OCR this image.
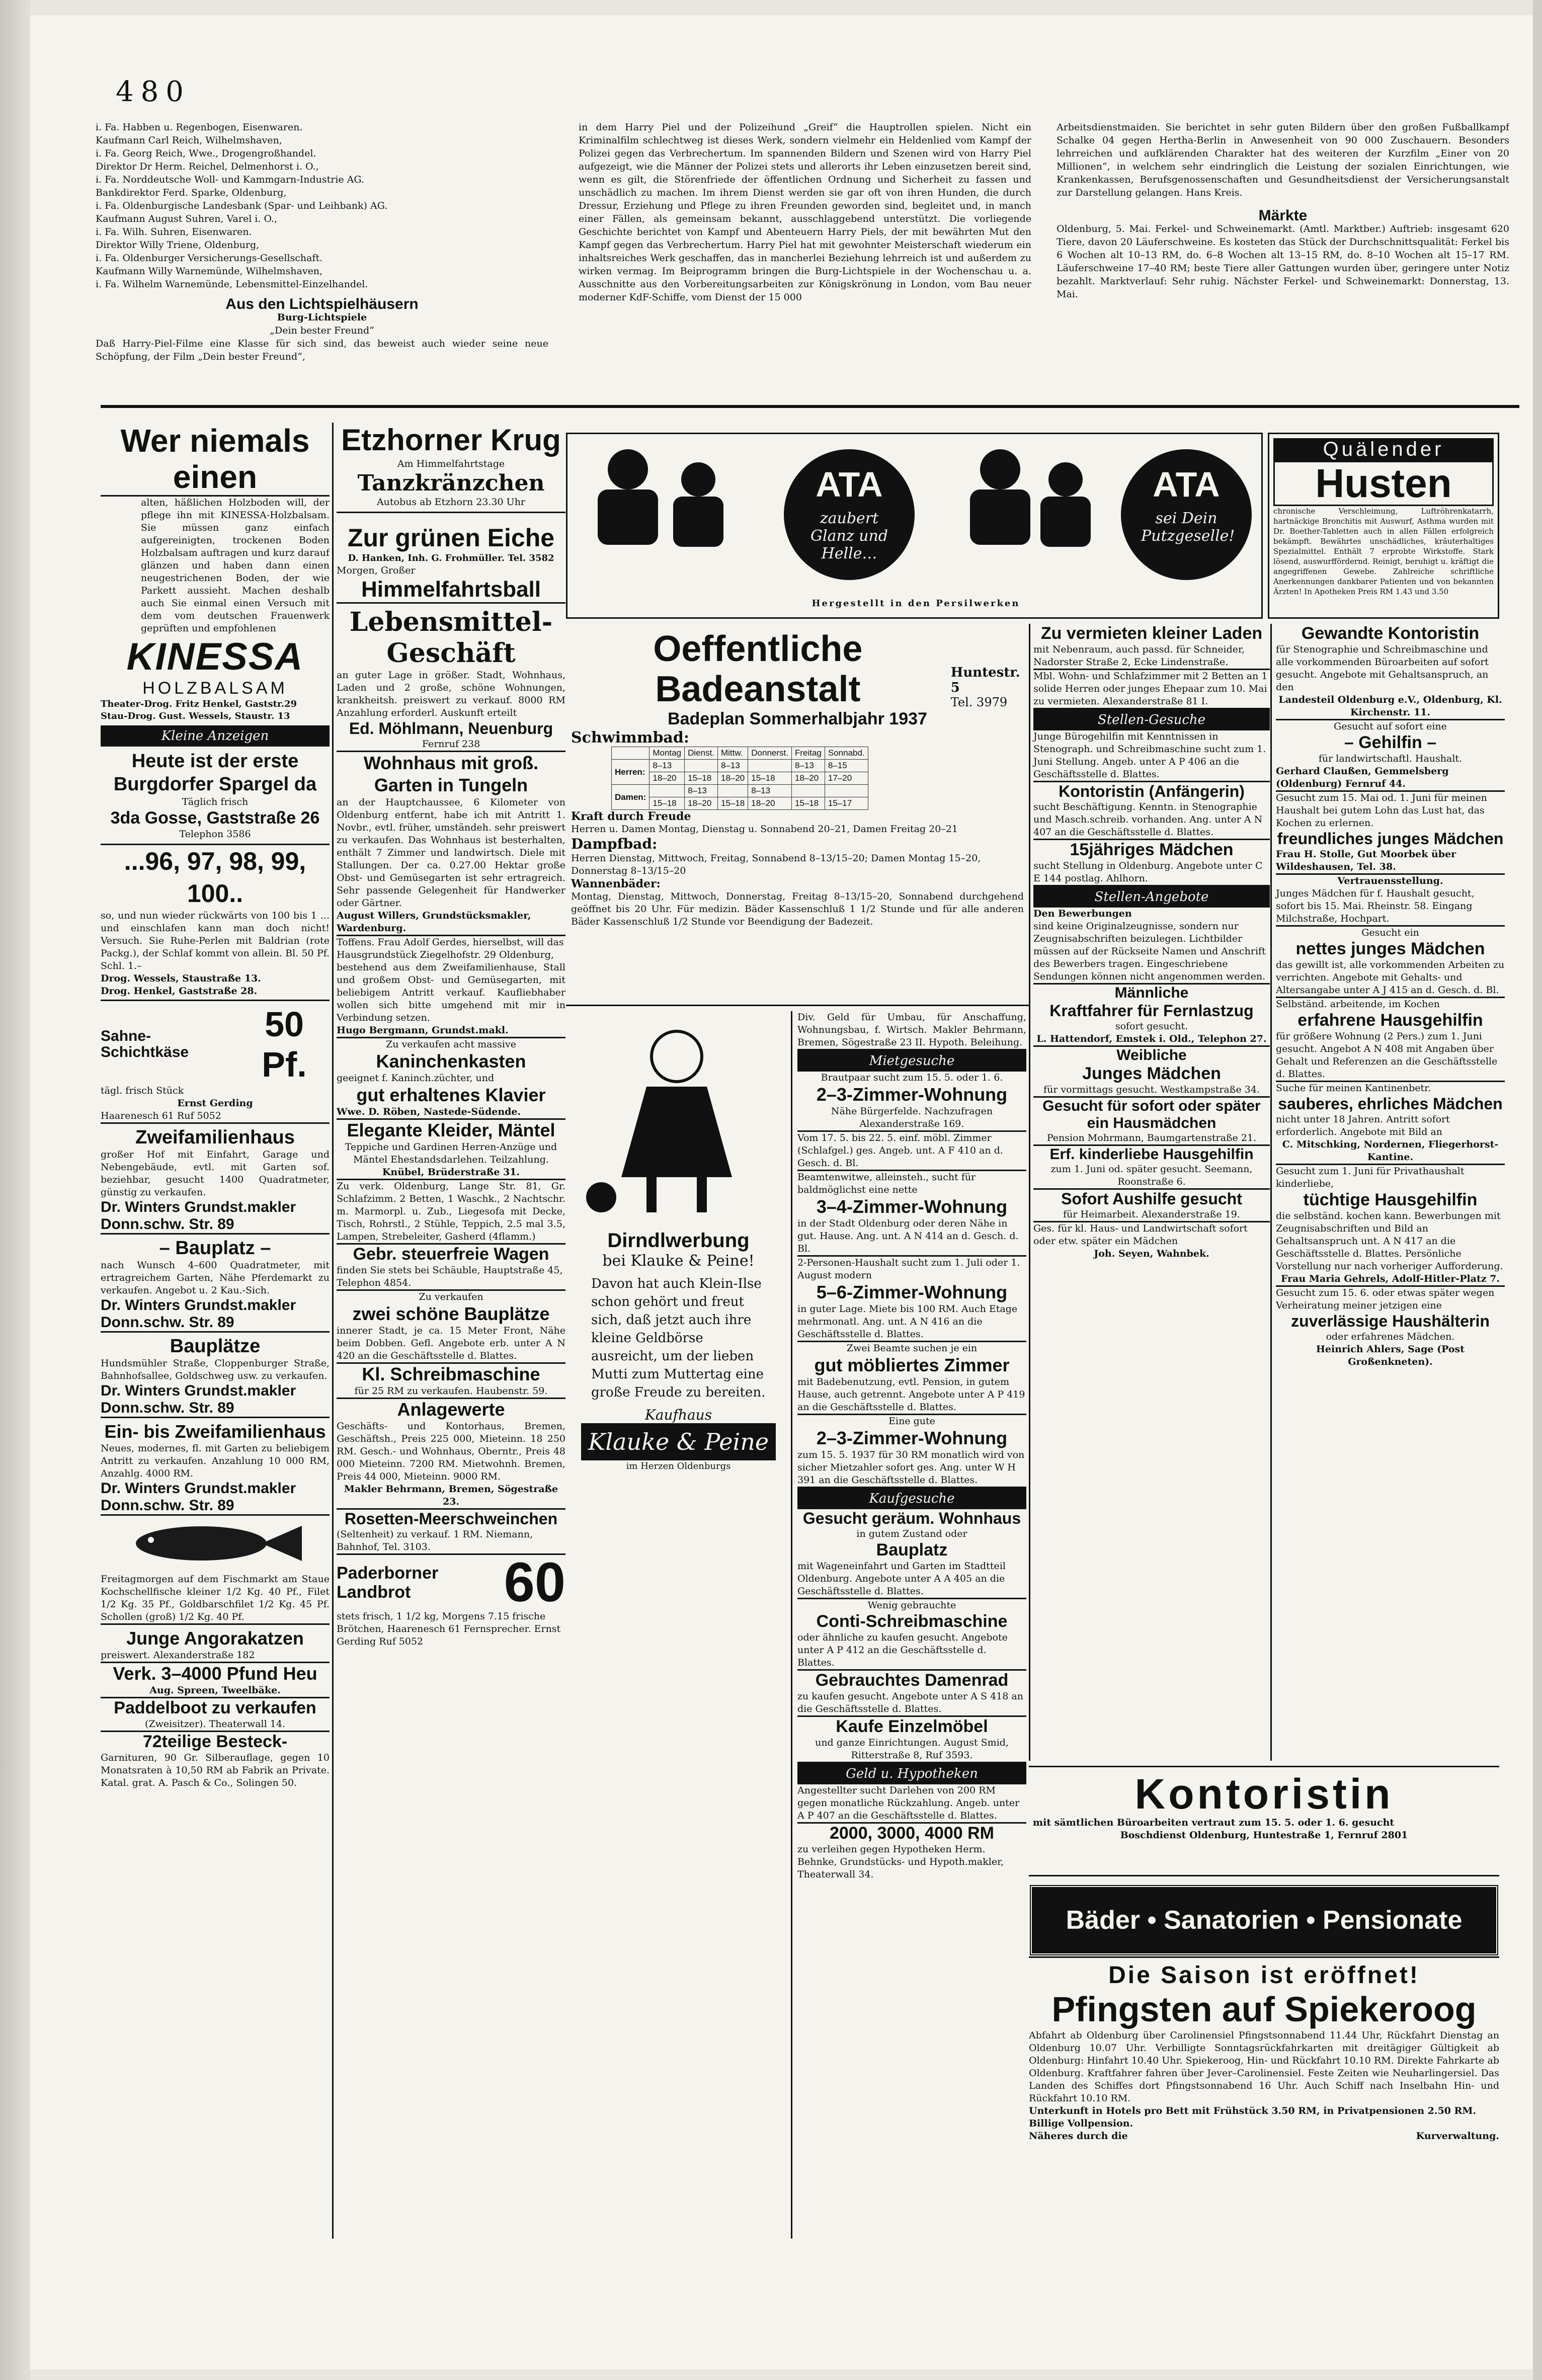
480

i. Fa. Habben u. Regenbogen, Eisenwaren.

Kaufmann Carl Reich, Wilhelmshaven,

i. Fa. Georg Reich, Wwe., Drogengroßhandel.

Direktor Dr Herm. Reichel, Delmenhorst i. O.,

i. Fa. Norddeutsche Woll- und Kammgarn-Industrie AG.

Bankdirektor Ferd. Sparke, Oldenburg,

i. Fa. Oldenburgische Landesbank (Spar- und Leihbank) AG.

Kaufmann August Suhren, Varel i. O.,

i. Fa. Wilh. Suhren, Eisenwaren.

Direktor Willy Triene, Oldenburg,

i. Fa. Oldenburger Versicherungs-Gesellschaft.

Kaufmann Willy Warnemünde, Wilhelmshaven,

i. Fa. Wilhelm Warnemünde, Lebensmittel-Einzelhandel.

Aus den Lichtspielhäusern

Burg-Lichtspiele

„Dein bester Freund“

Daß Harry-Piel-Filme eine Klasse für sich sind, das beweist auch wieder seine neue Schöpfung, der Film „Dein bester Freund“,

in dem Harry Piel und der Polizeihund „Greif“ die Hauptrollen spielen. Nicht ein Kriminalfilm schlechtweg ist dieses Werk, sondern vielmehr ein Heldenlied vom Kampf der Polizei gegen das Verbrechertum. Im spannenden Bildern und Szenen wird von Harry Piel aufgezeigt, wie die Männer der Polizei stets und allerorts ihr Leben einzusetzen bereit sind, wenn es gilt, die Störenfriede der öffentlichen Ordnung und Sicherheit zu fassen und unschädlich zu machen. Im ihrem Dienst werden sie gar oft von ihren Hunden, die durch Dressur, Erziehung und Pflege zu ihren Freunden geworden sind, begleitet und, in manch einer Fällen, als gemeinsam bekannt, ausschlaggebend unterstützt. Die vorliegende Geschichte berichtet von Kampf und Abenteuern Harry Piels, der mit bewährten Mut den Kampf gegen das Verbrechertum. Harry Piel hat mit gewohnter Meisterschaft wiederum ein inhaltsreiches Werk geschaffen, das in mancherlei Beziehung lehrreich ist und außerdem zu wirken vermag. Im Beiprogramm bringen die Burg-Lichtspiele in der Wochenschau u. a. Ausschnitte aus den Vorbereitungsarbeiten zur Königskrönung in London, vom Bau neuer moderner KdF-Schiffe, vom Dienst der 15 000

Arbeitsdienstmaiden. Sie berichtet in sehr guten Bildern über den großen Fußballkampf Schalke 04 gegen Hertha-Berlin in Anwesenheit von 90 000 Zuschauern. Besonders lehrreichen und aufklärenden Charakter hat des weiteren der Kurzfilm „Einer von 20 Millionen“, in welchem sehr eindringlich die Leistung der sozialen Einrichtungen, wie Krankenkassen, Berufsgenossenschaften und Gesundheitsdienst der Versicherungsanstalt zur Darstellung gelangen. Hans Kreis.

Märkte

Oldenburg, 5. Mai. Ferkel- und Schweinemarkt. (Amtl. Marktber.) Auftrieb: insgesamt 620 Tiere, davon 20 Läuferschweine. Es kosteten das Stück der Durchschnittsqualität: Ferkel bis 6 Wochen alt 10–13 RM, do. 6–8 Wochen alt 13–15 RM, do. 8–10 Wochen alt 15–17 RM. Läuferschweine 17–40 RM; beste Tiere aller Gattungen wurden über, geringere unter Notiz bezahlt. Marktverlauf: Sehr ruhig. Nächster Ferkel- und Schweinemarkt: Donnerstag, 13. Mai.

Wer niemals einen
alten, häßlichen Holzboden will, der pflege ihn mit KINESSA-Holzbalsam. Sie müssen ganz einfach aufgereinigten, trockenen Boden Holzbalsam auftragen und kurz darauf glänzen und haben dann einen neugestrichenen Boden, der wie Parkett aussieht. Machen deshalb auch Sie einmal einen Versuch mit dem vom deutschen Frauenwerk geprüften und empfohlenen
KINESSA
HOLZBALSAM
Theater-Drog. Fritz Henkel, Gaststr.29
Stau-Drog. Gust. Wessels, Staustr. 13
Kleine Anzeigen
Heute ist der erste Burgdorfer Spargel da
Täglich frisch
3da Gosse, Gaststraße 26
Telephon 3586
...96, 97, 98, 99, 100..
so, und nun wieder rückwärts von 100 bis 1 ... und einschlafen kann man doch nicht! Versuch. Sie Ruhe-Perlen mit Baldrian (rote Packg.), der Schlaf kommt von allein. Bl. 50 Pf. Schl. 1.–
Drog. Wessels, Staustraße 13.
Drog. Henkel, Gaststraße 28.
Sahne-Schichtkäse
50 Pf.
tägl. frisch Stück
Ernst Gerding
Haarenesch 61 Ruf 5052
Zweifamilienhaus
großer Hof mit Einfahrt, Garage und Nebengebäude, evtl. mit Garten sof. beziehbar, gesucht 1400 Quadratmeter, günstig zu verkaufen.
Dr. Winters Grundst.makler Donn.schw. Str. 89
– Bauplatz –
nach Wunsch 4–600 Quadratmeter, mit ertragreichem Garten, Nähe Pferdemarkt zu verkaufen. Angebot u. 2 Kau.-Sich.
Dr. Winters Grundst.makler Donn.schw. Str. 89
Bauplätze
Hundsmühler Straße, Cloppenburger Straße, Bahnhofsallee, Goldschweg usw. zu verkaufen.
Dr. Winters Grundst.makler Donn.schw. Str. 89
Ein- bis Zweifamilienhaus
Neues, modernes, fl. mit Garten zu beliebigem Antritt zu verkaufen. Anzahlung 10 000 RM, Anzahlg. 4000 RM.
Dr. Winters Grundst.makler Donn.schw. Str. 89
Freitagmorgen auf dem Fischmarkt am Staue Kochschellfische kleiner 1/2 Kg. 40 Pf., Filet 1/2 Kg. 35 Pf., Goldbarschfilet 1/2 Kg. 45 Pf. Schollen (groß) 1/2 Kg. 40 Pf.
Junge Angorakatzen
preiswert. Alexanderstraße 182
Verk. 3–4000 Pfund Heu
Aug. Spreen, Tweelbäke.
Paddelboot zu verkaufen
(Zweisitzer). Theaterwall 14.
72teilige Besteck-
Garnituren, 90 Gr. Silberauflage, gegen 10 Monatsraten à 10,50 RM ab Fabrik an Private. Katal. grat. A. Pasch & Co., Solingen 50.
Etzhorner Krug
Am Himmelfahrtstage
Tanzkränzchen
Autobus ab Etzhorn 23.30 Uhr
Zur grünen Eiche
D. Hanken, Inh. G. Frohmüller. Tel. 3582
Morgen, Großer
Himmelfahrtsball
Lebensmittel-Geschäft
an guter Lage in größer. Stadt, Wohnhaus, Laden und 2 große, schöne Wohnungen, krankheitsh. preiswert zu verkauf. 8000 RM Anzahlung erforderl. Auskunft erteilt
Ed. Möhlmann, Neuenburg
Fernruf 238
Wohnhaus mit groß. Garten in Tungeln
an der Hauptchaussee, 6 Kilometer von Oldenburg entfernt, habe ich mit Antritt 1. Novbr., evtl. früher, umständeh. sehr preiswert zu verkaufen. Das Wohnhaus ist besterhalten, enthält 7 Zimmer und landwirtsch. Diele mit Stallungen. Der ca. 0.27.00 Hektar große Obst- und Gemüsegarten ist sehr ertragreich. Sehr passende Gelegenheit für Handwerker oder Gärtner.
August Willers, Grundstücksmakler, Wardenburg.
Toffens. Frau Adolf Gerdes, hierselbst, will das Hausgrundstück Ziegelhofstr. 29 Oldenburg,
bestehend aus dem Zweifamilienhause, Stall und großem Obst- und Gemüsegarten, mit beliebigem Antritt verkauf. Kaufliebhaber wollen sich bitte umgehend mit mir in Verbindung setzen.
Hugo Bergmann, Grundst.makl.
Zu verkaufen acht massive
Kaninchenkasten
geeignet f. Kaninch.züchter, und
gut erhaltenes Klavier
Wwe. D. Röben, Nastede-Südende.
Elegante Kleider, Mäntel
Teppiche und Gardinen Herren-Anzüge und Mäntel Ehestandsdarlehen. Teilzahlung.
Knübel, Brüderstraße 31.
Zu verk. Oldenburg, Lange Str. 81, Gr. Schlafzimm. 2 Betten, 1 Waschk., 2 Nachtschr. m. Marmorpl. u. Zub., Liegesofa mit Decke, Tisch, Rohrstl., 2 Stühle, Teppich, 2.5 mal 3.5, Lampen, Strebeleiter, Gasherd (4flamm.)
Gebr. steuerfreie Wagen
finden Sie stets bei Schäuble, Hauptstraße 45, Telephon 4854.
Zu verkaufen
zwei schöne Bauplätze
innerer Stadt, je ca. 15 Meter Front, Nähe beim Dobben. Gefl. Angebote erb. unter A N 420 an die Geschäftsstelle d. Blattes.
Kl. Schreibmaschine
für 25 RM zu verkaufen. Haubenstr. 59.
Anlagewerte
Geschäfts- und Kontorhaus, Bremen, Geschäftsh., Preis 225 000, Mieteinn. 18 250 RM. Gesch.- und Wohnhaus, Oberntr., Preis 48 000 Mieteinn. 7200 RM. Mietwohnh. Bremen, Preis 44 000, Mieteinn. 9000 RM.
Makler Behrmann, Bremen, Sögestraße 23.
Rosetten-Meerschweinchen
(Seltenheit) zu verkauf. 1 RM. Niemann, Bahnhof, Tel. 3103.
Paderborner Landbrot	60
stets frisch, 1 1/2 kg, Morgens 7.15 frische Brötchen, Haarenesch 61 Fernsprecher. Ernst Gerding Ruf 5052
ATA
zaubert Glanz und Helle…
ATA
sei Dein Putzgeselle!
Hergestellt in den Persilwerken
Quälender
Husten
chronische Verschleimung, Luftröhrenkatarrh, hartnäckige Bronchitis mit Auswurf, Asthma wurden mit Dr. Boether-Tabletten auch in allen Fällen erfolgreich bekämpft. Bewährtes unschädliches, kräuterhaltiges Spezialmittel. Enthält 7 erprobte Wirkstoffe. Stark lösend, auswurffördernd. Reinigt, beruhigt u. kräftigt die angegriffenen Gewebe. Zahlreiche schriftliche Anerkennungen dankbarer Patienten und von bekannten Ärzten! In Apotheken Preis RM 1.43 und 3.50
Oeffentliche Badeanstalt	Huntestr. 5
Tel. 3979
Badeplan Sommerhalbjahr 1937
Schwimmbad:
	Montag	Dienst.	Mittw.	Donnerst.	Freitag	Sonnabd.
Herren:	8–13		8–13		8–13	8–15
	18–20	15–18	18–20	15–18	18–20	17–20
Damen:		8–13		8–13		
	15–18	18–20	15–18	18–20	15–18	15–17
Kraft durch Freude
Herren u. Damen Montag, Dienstag u. Sonnabend 20–21, Damen Freitag 20–21
Dampfbad:
Herren Dienstag, Mittwoch, Freitag, Sonnabend 8–13/15–20; Damen Montag 15–20, Donnerstag 8–13/15–20
Wannenbäder:
Montag, Dienstag, Mittwoch, Donnerstag, Freitag 8–13/15–20, Sonnabend durchgehend geöffnet bis 20 Uhr. Für medizin. Bäder Kassenschluß 1 1/2 Stunde und für alle anderen Bäder Kassenschluß 1/2 Stunde vor Beendigung der Badezeit.
Dirndlwerbung
bei Klauke & Peine!
Davon hat auch Klein-Ilse schon gehört und freut sich, daß jetzt auch ihre kleine Geldbörse ausreicht, um der lieben Mutti zum Muttertag eine große Freude zu bereiten.
Kaufhaus
Klauke & Peine
im Herzen Oldenburgs
Div. Geld für Umbau, für Anschaffung, Wohnungsbau, f. Wirtsch. Makler Behrmann, Bremen, Sögestraße 23 II. Hypoth. Beleihung.
Mietgesuche
Brautpaar sucht zum 15. 5. oder 1. 6.
2–3-Zimmer-Wohnung
Nähe Bürgerfelde. Nachzufragen Alexanderstraße 169.
Vom 17. 5. bis 22. 5. einf. möbl. Zimmer (Schlafgel.) ges. Angeb. unt. A F 410 an d. Gesch. d. Bl.
Beamtenwitwe, alleinsteh., sucht für baldmöglichst eine nette
3–4-Zimmer-Wohnung
in der Stadt Oldenburg oder deren Nähe in gut. Hause. Ang. unt. A N 414 an d. Gesch. d. Bl.
2-Personen-Haushalt sucht zum 1. Juli oder 1. August modern
5–6-Zimmer-Wohnung
in guter Lage. Miete bis 100 RM. Auch Etage mehrmonatl. Ang. unt. A N 416 an die Geschäftsstelle d. Blattes.
Zwei Beamte suchen je ein
gut möbliertes Zimmer
mit Badebenutzung, evtl. Pension, in gutem Hause, auch getrennt. Angebote unter A P 419 an die Geschäftsstelle d. Blattes.
Eine gute
2–3-Zimmer-Wohnung
zum 15. 5. 1937 für 30 RM monatlich wird von sicher Mietzahler sofort ges. Ang. unter W H 391 an die Geschäftsstelle d. Blattes.
Kaufgesuche
Gesucht geräum. Wohnhaus
in gutem Zustand oder
Bauplatz
mit Wageneinfahrt und Garten im Stadtteil Oldenburg. Angebote unter A A 405 an die Geschäftsstelle d. Blattes.
Wenig gebrauchte
Conti-Schreibmaschine
oder ähnliche zu kaufen gesucht. Angebote unter A P 412 an die Geschäftsstelle d. Blattes.
Gebrauchtes Damenrad
zu kaufen gesucht. Angebote unter A S 418 an die Geschäftsstelle d. Blattes.
Kaufe Einzelmöbel
und ganze Einrichtungen. August Smid, Ritterstraße 8, Ruf 3593.
Geld u. Hypotheken
Angestellter sucht Darlehen von 200 RM gegen monatliche Rückzahlung. Angeb. unter A P 407 an die Geschäftsstelle d. Blattes.
2000, 3000, 4000 RM
zu verleihen gegen Hypotheken Herm. Behnke, Grundstücks- und Hypoth.makler, Theaterwall 34.
Zu vermieten kleiner Laden
mit Nebenraum, auch passd. für Schneider, Nadorster Straße 2, Ecke Lindenstraße.
Mbl. Wohn- und Schlafzimmer mit 2 Betten an 1 solide Herren oder junges Ehepaar zum 10. Mai zu vermieten. Alexanderstraße 81 I.
Stellen-Gesuche
Junge Bürogehilfin mit Kenntnissen in Stenograph. und Schreibmaschine sucht zum 1. Juni Stellung. Angeb. unter A P 406 an die Geschäftsstelle d. Blattes.
Kontoristin (Anfängerin)
sucht Beschäftigung. Kenntn. in Stenographie und Masch.schreib. vorhanden. Ang. unter A N 407 an die Geschäftsstelle d. Blattes.
15jähriges Mädchen
sucht Stellung in Oldenburg. Angebote unter C E 144 postlag. Ahlhorn.
Stellen-Angebote
Den Bewerbungen
sind keine Originalzeugnisse, sondern nur Zeugnisabschriften beizulegen. Lichtbilder müssen auf der Rückseite Namen und Anschrift des Bewerbers tragen. Eingeschriebene Sendungen können nicht angenommen werden.
Männliche
Kraftfahrer für Fernlastzug
sofort gesucht.
L. Hattendorf, Emstek i. Old., Telephon 27.
Weibliche
Junges Mädchen
für vormittags gesucht. Westkampstraße 34.
Gesucht für sofort oder später ein Hausmädchen
Pension Mohrmann, Baumgartenstraße 21.
Erf. kinderliebe Hausgehilfin
zum 1. Juni od. später gesucht. Seemann, Roonstraße 6.
Sofort Aushilfe gesucht
für Heimarbeit. Alexanderstraße 19.
Ges. für kl. Haus- und Landwirtschaft sofort oder etw. später ein Mädchen
Joh. Seyen, Wahnbek.
Gewandte Kontoristin
für Stenographie und Schreibmaschine und alle vorkommenden Büroarbeiten auf sofort gesucht. Angebote mit Gehaltsanspruch, an den
Landesteil Oldenburg e.V., Oldenburg, Kl. Kirchenstr. 11.
Gesucht auf sofort eine
– Gehilfin –
für landwirtschaftl. Haushalt.
Gerhard Claußen, Gemmelsberg (Oldenburg) Fernruf 44.
Gesucht zum 15. Mai od. 1. Juni für meinen Haushalt bei gutem Lohn das Lust hat, das Kochen zu erlernen.
freundliches junges Mädchen
Frau H. Stolle, Gut Moorbek über Wildeshausen, Tel. 38.
Vertrauensstellung.
Junges Mädchen für f. Haushalt gesucht, sofort bis 15. Mai. Rheinstr. 58. Eingang Milchstraße, Hochpart.
Gesucht ein
nettes junges Mädchen
das gewillt ist, alle vorkommenden Arbeiten zu verrichten. Angebote mit Gehalts- und Altersangabe unter A J 415 an d. Gesch. d. Bl.
Selbständ. arbeitende, im Kochen
erfahrene Hausgehilfin
für größere Wohnung (2 Pers.) zum 1. Juni gesucht. Angebot A N 408 mit Angaben über Gehalt und Referenzen an die Geschäftsstelle d. Blattes.
Suche für meinen Kantinenbetr.
sauberes, ehrliches Mädchen
nicht unter 18 Jahren. Antritt sofort erforderlich. Angebote mit Bild an
C. Mitschking, Nordernen, Fliegerhorst-Kantine.
Gesucht zum 1. Juni für Privathaushalt kinderliebe,
tüchtige Hausgehilfin
die selbständ. kochen kann. Bewerbungen mit Zeugnisabschriften und Bild an Gehaltsanspruch unt. A N 417 an die Geschäftsstelle d. Blattes. Persönliche Vorstellung nur nach vorheriger Aufforderung.
Frau Maria Gehrels, Adolf-Hitler-Platz 7.
Gesucht zum 15. 6. oder etwas später wegen Verheiratung meiner jetzigen eine
zuverlässige Haushälterin
oder erfahrenes Mädchen.
Heinrich Ahlers, Sage (Post Großenkneten).
Kontoristin
mit sämtlichen Büroarbeiten vertraut zum 15. 5. oder 1. 6. gesucht
Boschdienst Oldenburg, Huntestraße 1, Fernruf 2801
Bäder • Sanatorien • Pensionate
Die Saison ist eröffnet!
Pfingsten auf Spiekeroog
Abfahrt ab Oldenburg über Carolinensiel Pfingstsonnabend 11.44 Uhr, Rückfahrt Dienstag an Oldenburg 10.07 Uhr. Verbilligte Sonntagsrückfahrkarten mit dreitägiger Gültigkeit ab Oldenburg: Hinfahrt 10.40 Uhr. Spiekeroog, Hin- und Rückfahrt 10.10 RM. Direkte Fahrkarte ab Oldenburg. Kraftfahrer fahren über Jever–Carolinensiel. Feste Zeiten wie Neuharlingersiel. Das Landen des Schiffes dort Pfingstsonnabend 16 Uhr. Auch Schiff nach Inselbahn Hin- und Rückfahrt 10.10 RM.
Unterkunft in Hotels pro Bett mit Frühstück 3.50 RM, in Privatpensionen 2.50 RM. Billige Vollpension.
Näheres durch die	Kurverwaltung.
